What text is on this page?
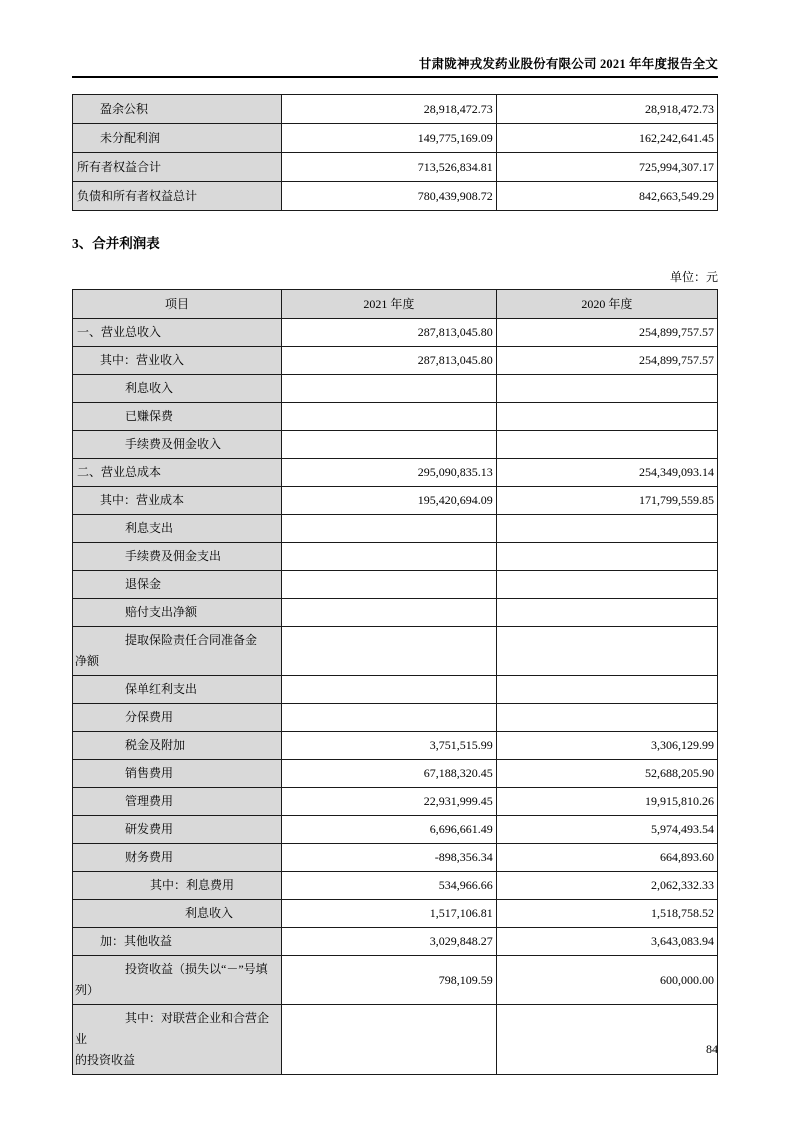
甘肃陇神戎发药业股份有限公司 2021 年年度报告全文
盈余公积	28,918,472.73	28,918,472.73
未分配利润	149,775,169.09	162,242,641.45
所有者权益合计	713,526,834.81	725,994,307.17
负债和所有者权益总计	780,439,908.72	842,663,549.29
3、合并利润表
单位：元
项目	2021 年度	2020 年度
一、营业总收入	287,813,045.80	254,899,757.57
其中：营业收入	287,813,045.80	254,899,757.57
利息收入		
已赚保费		
手续费及佣金收入		
二、营业总成本	295,090,835.13	254,349,093.14
其中：营业成本	195,420,694.09	171,799,559.85
利息支出		
手续费及佣金支出		
退保金		
赔付支出净额		
提取保险责任合同准备金
净额		
保单红利支出		
分保费用		
税金及附加	3,751,515.99	3,306,129.99
销售费用	67,188,320.45	52,688,205.90
管理费用	22,931,999.45	19,915,810.26
研发费用	6,696,661.49	5,974,493.54
财务费用	-898,356.34	664,893.60
其中：利息费用	534,966.66	2,062,332.33
利息收入	1,517,106.81	1,518,758.52
加：其他收益	3,029,848.27	3,643,083.94
投资收益（损失以“－”号填
列）	798,109.59	600,000.00
其中：对联营企业和合营企业
的投资收益		
84
